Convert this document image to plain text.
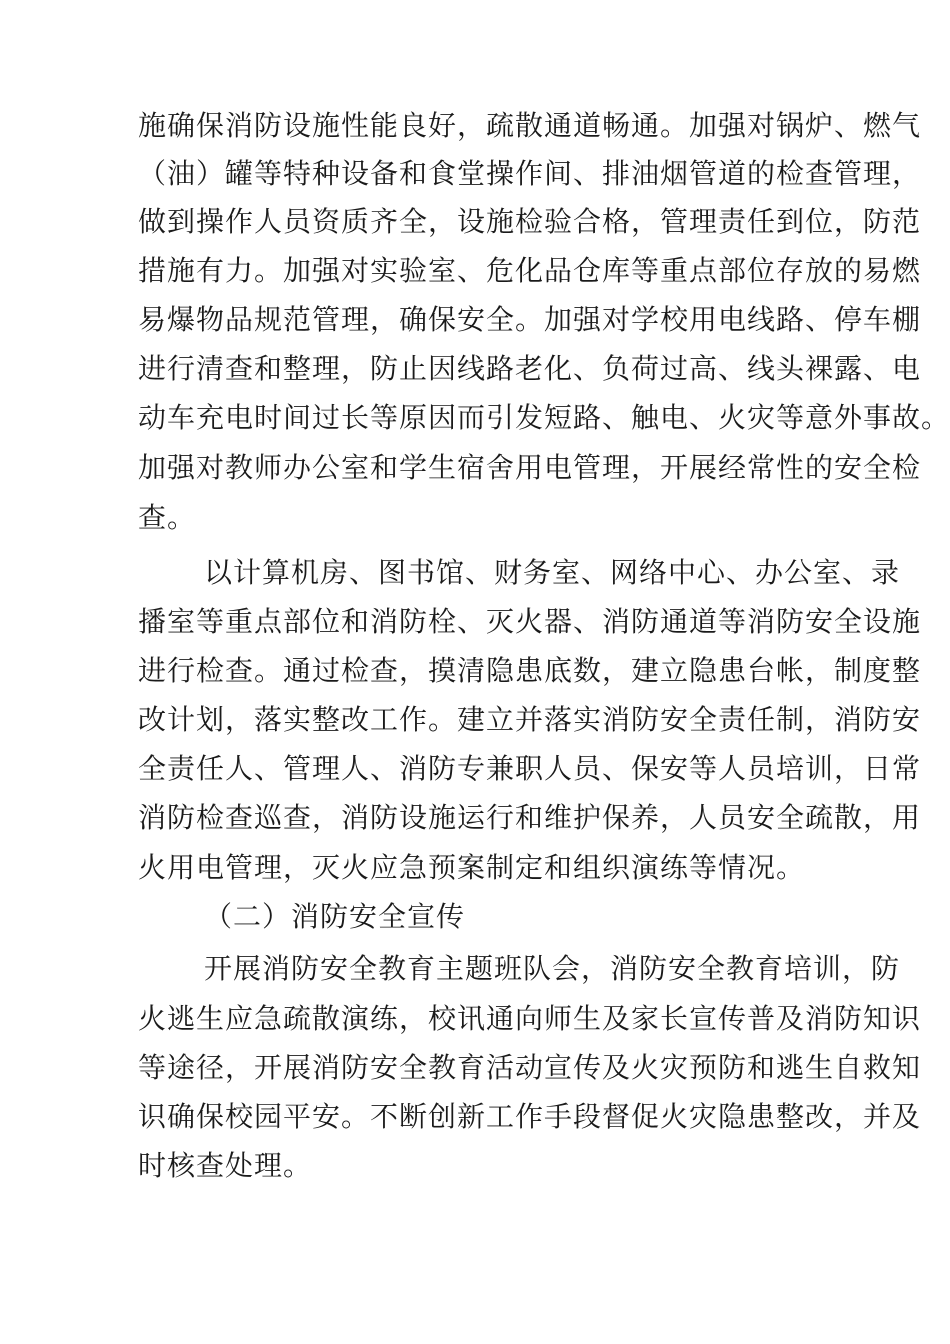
施确保消防设施性能良好，疏散通道畅通。加强对锅炉、燃气
（油）罐等特种设备和食堂操作间、排油烟管道的检查管理，
做到操作人员资质齐全，设施检验合格，管理责任到位，防范
措施有力。加强对实验室、危化品仓库等重点部位存放的易燃
易爆物品规范管理，确保安全。加强对学校用电线路、停车棚
进行清查和整理，防止因线路老化、负荷过高、线头裸露、电
动车充电时间过长等原因而引发短路、触电、火灾等意外事故。
加强对教师办公室和学生宿舍用电管理，开展经常性的安全检
查。
以计算机房、图书馆、财务室、网络中心、办公室、录
播室等重点部位和消防栓、灭火器、消防通道等消防安全设施
进行检查。通过检查，摸清隐患底数，建立隐患台帐，制度整
改计划，落实整改工作。建立并落实消防安全责任制，消防安
全责任人、管理人、消防专兼职人员、保安等人员培训，日常
消防检查巡查，消防设施运行和维护保养，人员安全疏散，用
火用电管理，灭火应急预案制定和组织演练等情况。
（二）消防安全宣传
开展消防安全教育主题班队会，消防安全教育培训，防
火逃生应急疏散演练，校讯通向师生及家长宣传普及消防知识
等途径，开展消防安全教育活动宣传及火灾预防和逃生自救知
识确保校园平安。不断创新工作手段督促火灾隐患整改，并及
时核查处理。
